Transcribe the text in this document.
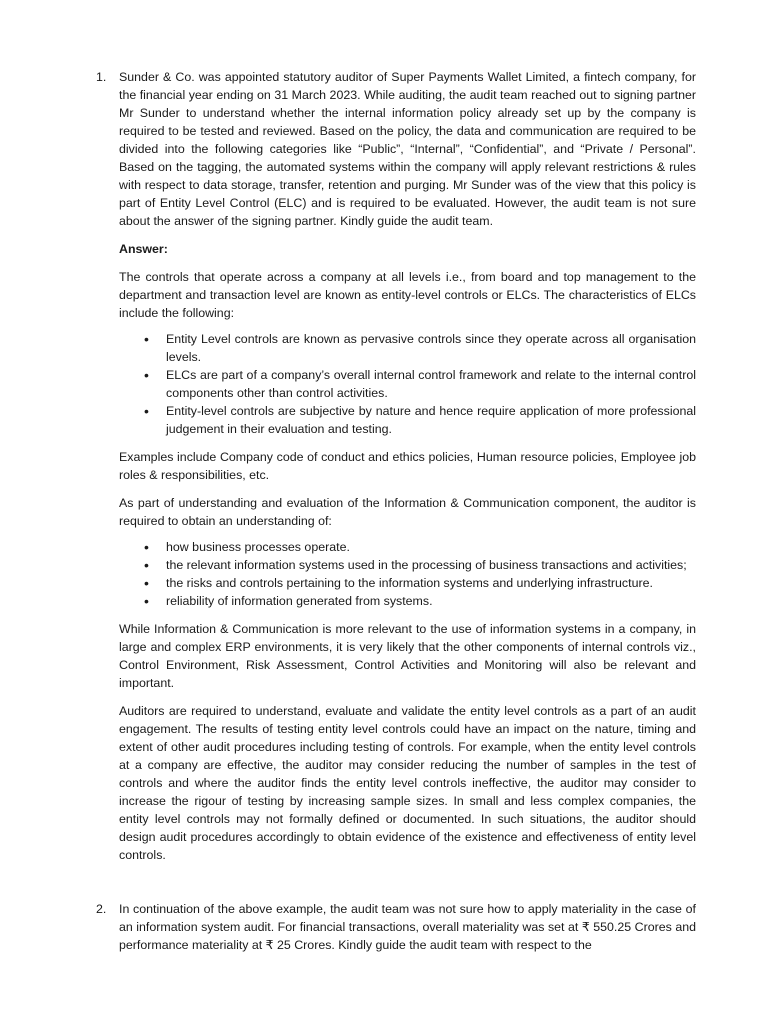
1.	Sunder & Co. was appointed statutory auditor of Super Payments Wallet Limited, a fintech company, for the financial year ending on 31 March 2023. While auditing, the audit team reached out to signing partner Mr Sunder to understand whether the internal information policy already set up by the company is required to be tested and reviewed. Based on the policy, the data and communication are required to be divided into the following categories like “Public”, “Internal”, “Confidential”, and “Private / Personal”. Based on the tagging, the automated systems within the company will apply relevant restrictions & rules with respect to data storage, transfer, retention and purging. Mr Sunder was of the view that this policy is part of Entity Level Control (ELC) and is required to be evaluated. However, the audit team is not sure about the answer of the signing partner. Kindly guide the audit team.

Answer:

The controls that operate across a company at all levels i.e., from board and top management to the department and transaction level are known as entity-level controls or ELCs. The characteristics of ELCs include the following:

• Entity Level controls are known as pervasive controls since they operate across all organisation levels.
• ELCs are part of a company’s overall internal control framework and relate to the internal control components other than control activities.
• Entity-level controls are subjective by nature and hence require application of more professional judgement in their evaluation and testing.

Examples include Company code of conduct and ethics policies, Human resource policies, Employee job roles & responsibilities, etc.

As part of understanding and evaluation of the Information & Communication component, the auditor is required to obtain an understanding of:

• how business processes operate.
• the relevant information systems used in the processing of business transactions and activities;
• the risks and controls pertaining to the information systems and underlying infrastructure.
• reliability of information generated from systems.

While Information & Communication is more relevant to the use of information systems in a company, in large and complex ERP environments, it is very likely that the other components of internal controls viz., Control Environment, Risk Assessment, Control Activities and Monitoring will also be relevant and important.

Auditors are required to understand, evaluate and validate the entity level controls as a part of an audit engagement. The results of testing entity level controls could have an impact on the nature, timing and extent of other audit procedures including testing of controls. For example, when the entity level controls at a company are effective, the auditor may consider reducing the number of samples in the test of controls and where the auditor finds the entity level controls ineffective, the auditor may consider to increase the rigour of testing by increasing sample sizes. In small and less complex companies, the entity level controls may not formally defined or documented. In such situations, the auditor should design audit procedures accordingly to obtain evidence of the existence and effectiveness of entity level controls.

2.	In continuation of the above example, the audit team was not sure how to apply materiality in the case of an information system audit. For financial transactions, overall materiality was set at ₹ 550.25 Crores and performance materiality at ₹ 25 Crores. Kindly guide the audit team with respect to the
